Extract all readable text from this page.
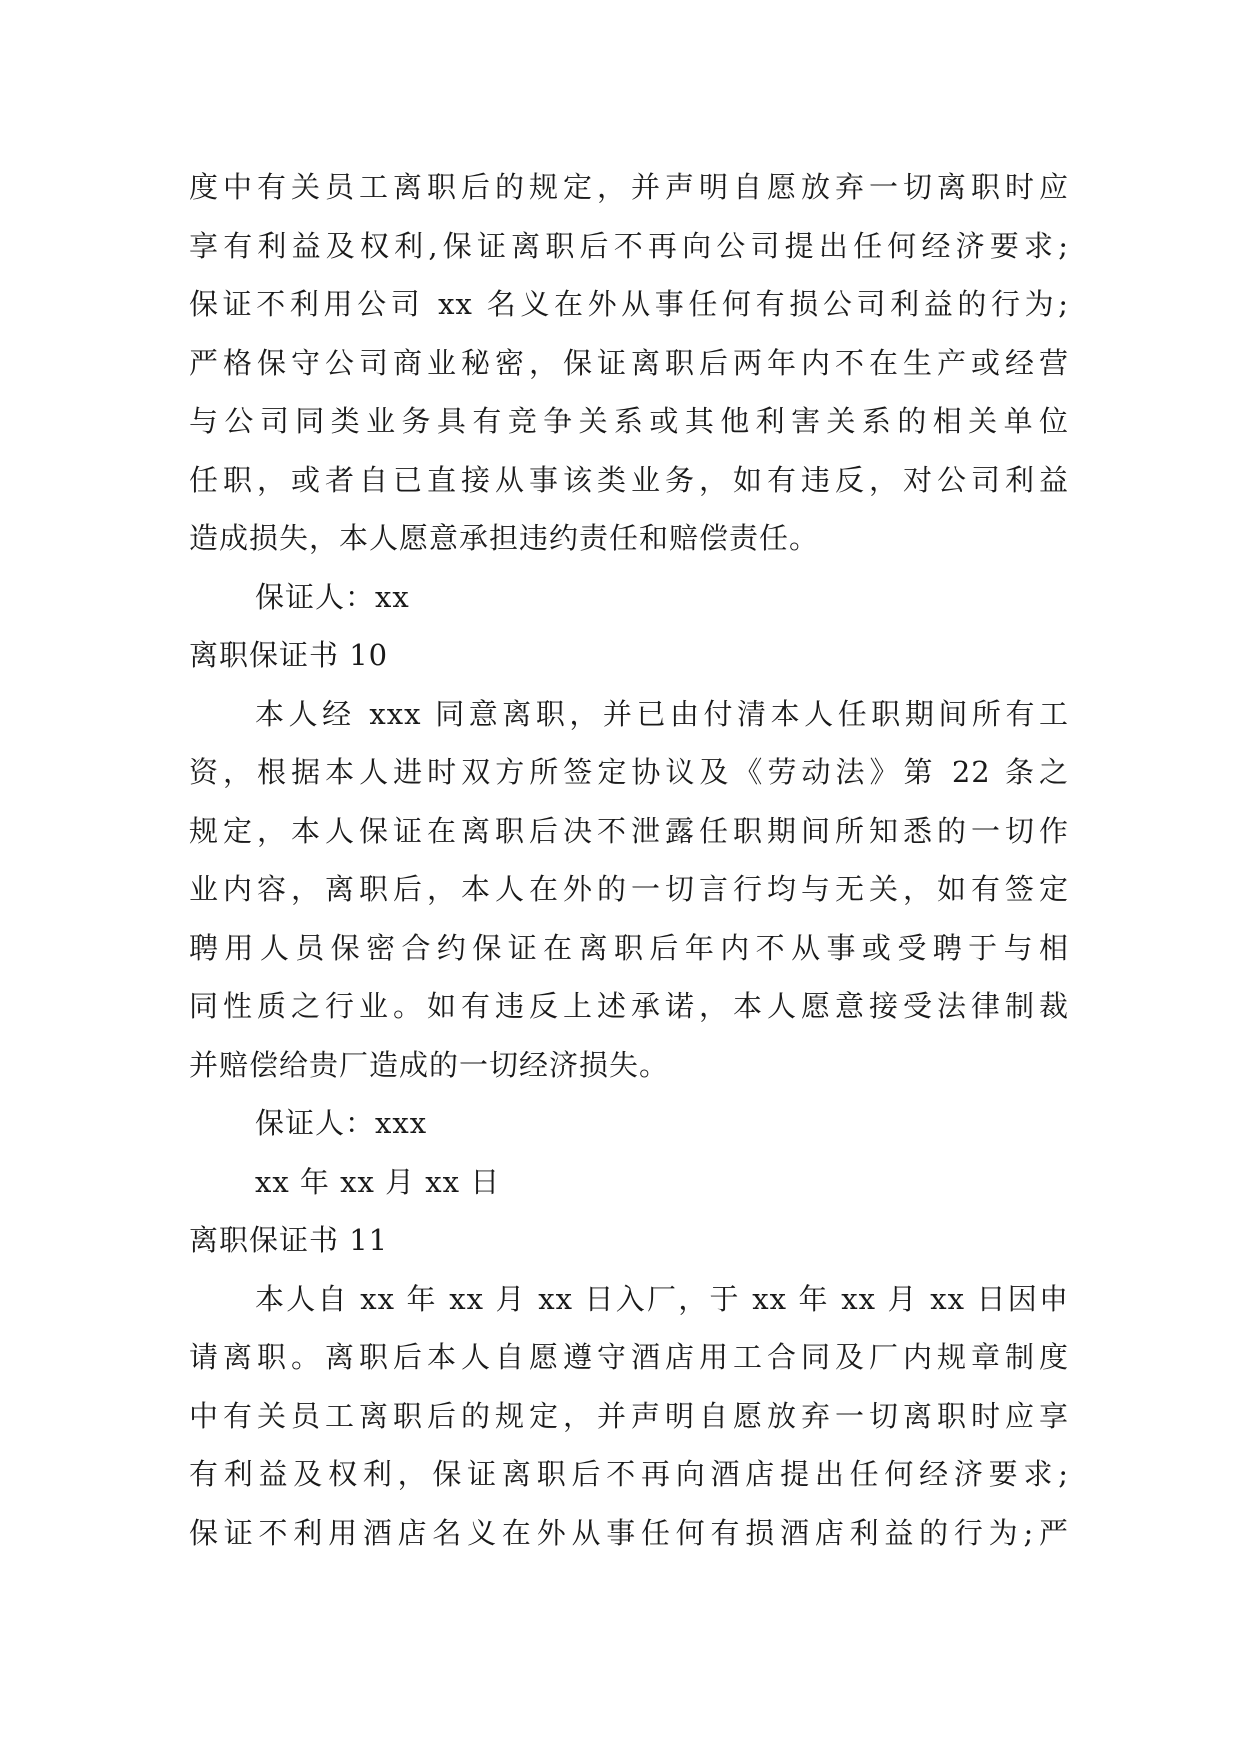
度中有关员工离职后的规定，并声明自愿放弃一切离职时应
享有利益及权利,保证离职后不再向公司提出任何经济要求;
保证不利用公司 xx 名义在外从事任何有损公司利益的行为;
严格保守公司商业秘密，保证离职后两年内不在生产或经营
与公司同类业务具有竞争关系或其他利害关系的相关单位
任职，或者自已直接从事该类业务，如有违反，对公司利益
造成损失，本人愿意承担违约责任和赔偿责任。
保证人：xx
离职保证书 10
本人经 xxx 同意离职，并已由付清本人任职期间所有工
资，根据本人进时双方所签定协议及《劳动法》第 22 条之
规定，本人保证在离职后决不泄露任职期间所知悉的一切作
业内容，离职后，本人在外的一切言行均与无关，如有签定
聘用人员保密合约保证在离职后年内不从事或受聘于与相
同性质之行业。如有违反上述承诺，本人愿意接受法律制裁
并赔偿给贵厂造成的一切经济损失。
保证人：xxx
xx 年 xx 月 xx 日
离职保证书 11
本人自 xx 年 xx 月 xx 日入厂，于 xx 年 xx 月 xx 日因申
请离职。离职后本人自愿遵守酒店用工合同及厂内规章制度
中有关员工离职后的规定，并声明自愿放弃一切离职时应享
有利益及权利，保证离职后不再向酒店提出任何经济要求;
保证不利用酒店名义在外从事任何有损酒店利益的行为;严
